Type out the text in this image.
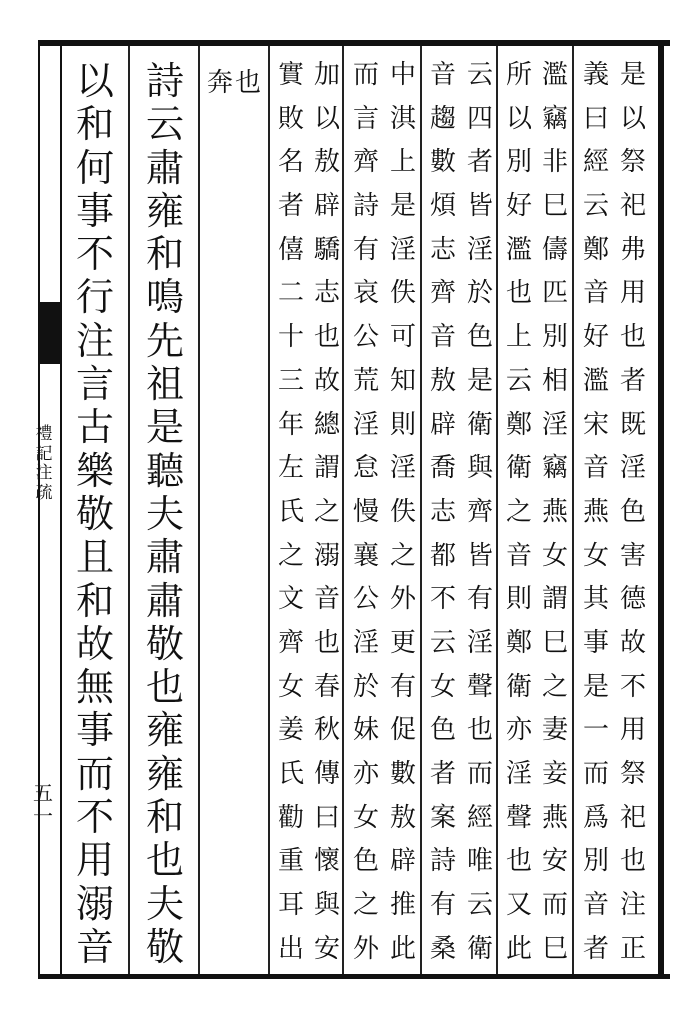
禮
記
注
疏
五
一
是
以
祭
祀
弗
用
也
者
既
淫
色
害
德
故
不
用
祭
祀
也
注
正
義
曰
經
云
鄭
音
好
濫
宋
音
燕
女
其
事
是
一
而
爲
別
音
者
濫
竊
非
巳
儔
匹
別
相
淫
竊
燕
女
謂
巳
之
妻
妾
燕
安
而
巳
所
以
別
好
濫
也
上
云
鄭
衛
之
音
則
鄭
衛
亦
淫
聲
也
又
此
云
四
者
皆
淫
於
色
是
衛
與
齊
皆
有
淫
聲
也
而
經
唯
云
衛
音
趨
數
煩
志
齊
音
敖
辟
喬
志
都
不
云
女
色
者
案
詩
有
桑
中
淇
上
是
淫
佚
可
知
則
淫
佚
之
外
更
有
促
數
敖
辟
推
此
而
言
齊
詩
有
哀
公
荒
淫
怠
慢
襄
公
淫
於
妹
亦
女
色
之
外
加
以
敖
辟
驕
志
也
故
總
謂
之
溺
音
也
春
秋
傳
曰
懷
與
安
實
敗
名
者
僖
二
十
三
年
左
氏
之
文
齊
女
姜
氏
勸
重
耳
出
奔 也
詩
云
肅
雍
和
鳴
先
祖
是
聽
夫
肅
肅
敬
也
雍
雍
和
也
夫
敬
以
和
何
事
不
行
注
言
古
樂
敬
且
和
故
無
事
而
不
用
溺
音
